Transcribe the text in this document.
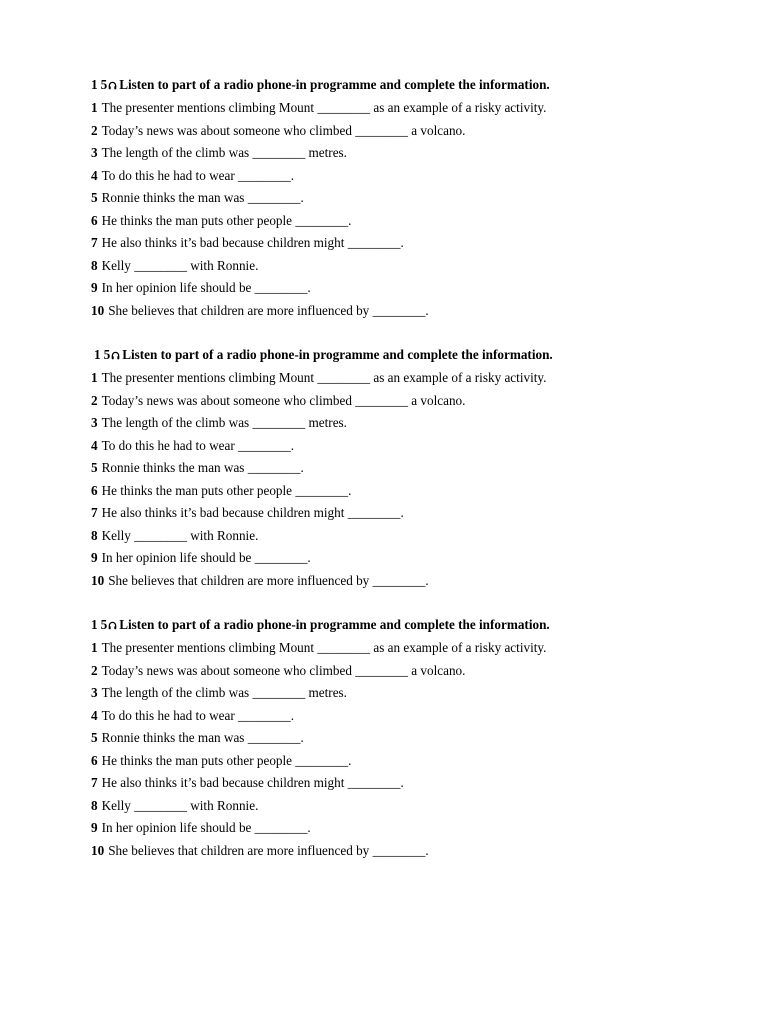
1 5 Listen to part of a radio phone-in programme and complete the information.
1 The presenter mentions climbing Mount ________ as an example of a risky activity.
2 Today’s news was about someone who climbed ________ a volcano.
3 The length of the climb was ________ metres.
4 To do this he had to wear ________.
5 Ronnie thinks the man was ________.
6 He thinks the man puts other people ________.
7 He also thinks it’s bad because children might ________.
8 Kelly ________ with Ronnie.
9 In her opinion life should be ________.
10 She believes that children are more influenced by ________.
1 5 Listen to part of a radio phone-in programme and complete the information.
1 The presenter mentions climbing Mount ________ as an example of a risky activity.
2 Today’s news was about someone who climbed ________ a volcano.
3 The length of the climb was ________ metres.
4 To do this he had to wear ________.
5 Ronnie thinks the man was ________.
6 He thinks the man puts other people ________.
7 He also thinks it’s bad because children might ________.
8 Kelly ________ with Ronnie.
9 In her opinion life should be ________.
10 She believes that children are more influenced by ________.
1 5 Listen to part of a radio phone-in programme and complete the information.
1 The presenter mentions climbing Mount ________ as an example of a risky activity.
2 Today’s news was about someone who climbed ________ a volcano.
3 The length of the climb was ________ metres.
4 To do this he had to wear ________.
5 Ronnie thinks the man was ________.
6 He thinks the man puts other people ________.
7 He also thinks it’s bad because children might ________.
8 Kelly ________ with Ronnie.
9 In her opinion life should be ________.
10 She believes that children are more influenced by ________.
